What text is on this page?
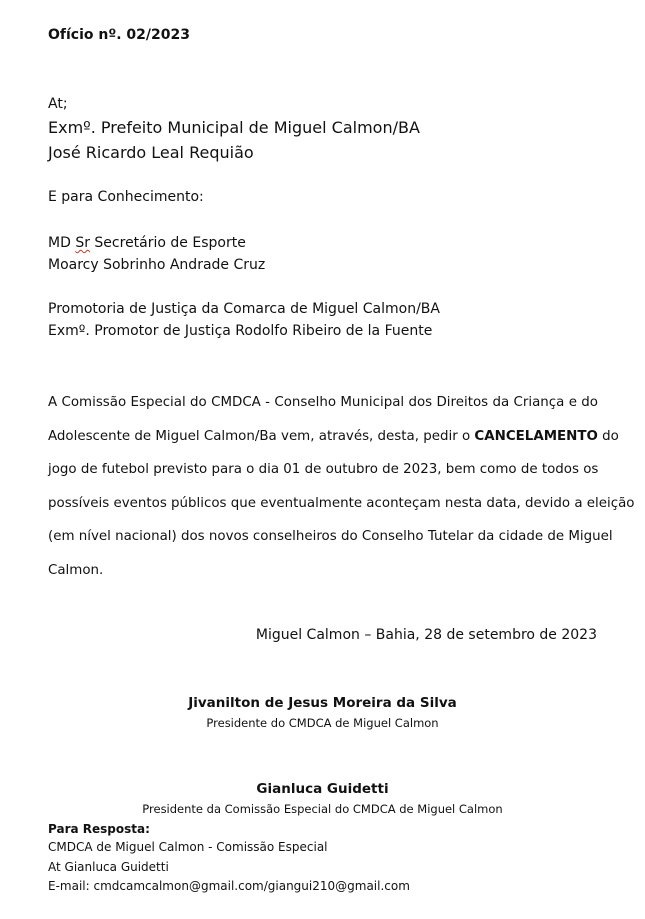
Ofício nº. 02/2023
At;
Exmº. Prefeito Municipal de Miguel Calmon/BA
José Ricardo Leal Requião
E para Conhecimento:
MD Sr Secretário de Esporte
Moarcy Sobrinho Andrade Cruz
Promotoria de Justiça da Comarca de Miguel Calmon/BA
Exmº. Promotor de Justiça Rodolfo Ribeiro de la Fuente
A Comissão Especial do CMDCA - Conselho Municipal dos Direitos da Criança e do
Adolescente de Miguel Calmon/Ba vem, através, desta, pedir o CANCELAMENTO do
jogo de futebol previsto para o dia 01 de outubro de 2023, bem como de todos os
possíveis eventos públicos que eventualmente aconteçam nesta data, devido a eleição
(em nível nacional) dos novos conselheiros do Conselho Tutelar da cidade de Miguel
Calmon.
Miguel Calmon – Bahia, 28 de setembro de 2023
Jivanilton de Jesus Moreira da Silva
Presidente do CMDCA de Miguel Calmon
Gianluca Guidetti
Presidente da Comissão Especial do CMDCA de Miguel Calmon
Para Resposta:
CMDCA de Miguel Calmon - Comissão Especial
At Gianluca Guidetti
E-mail: cmdcamcalmon@gmail.com/giangui210@gmail.com
